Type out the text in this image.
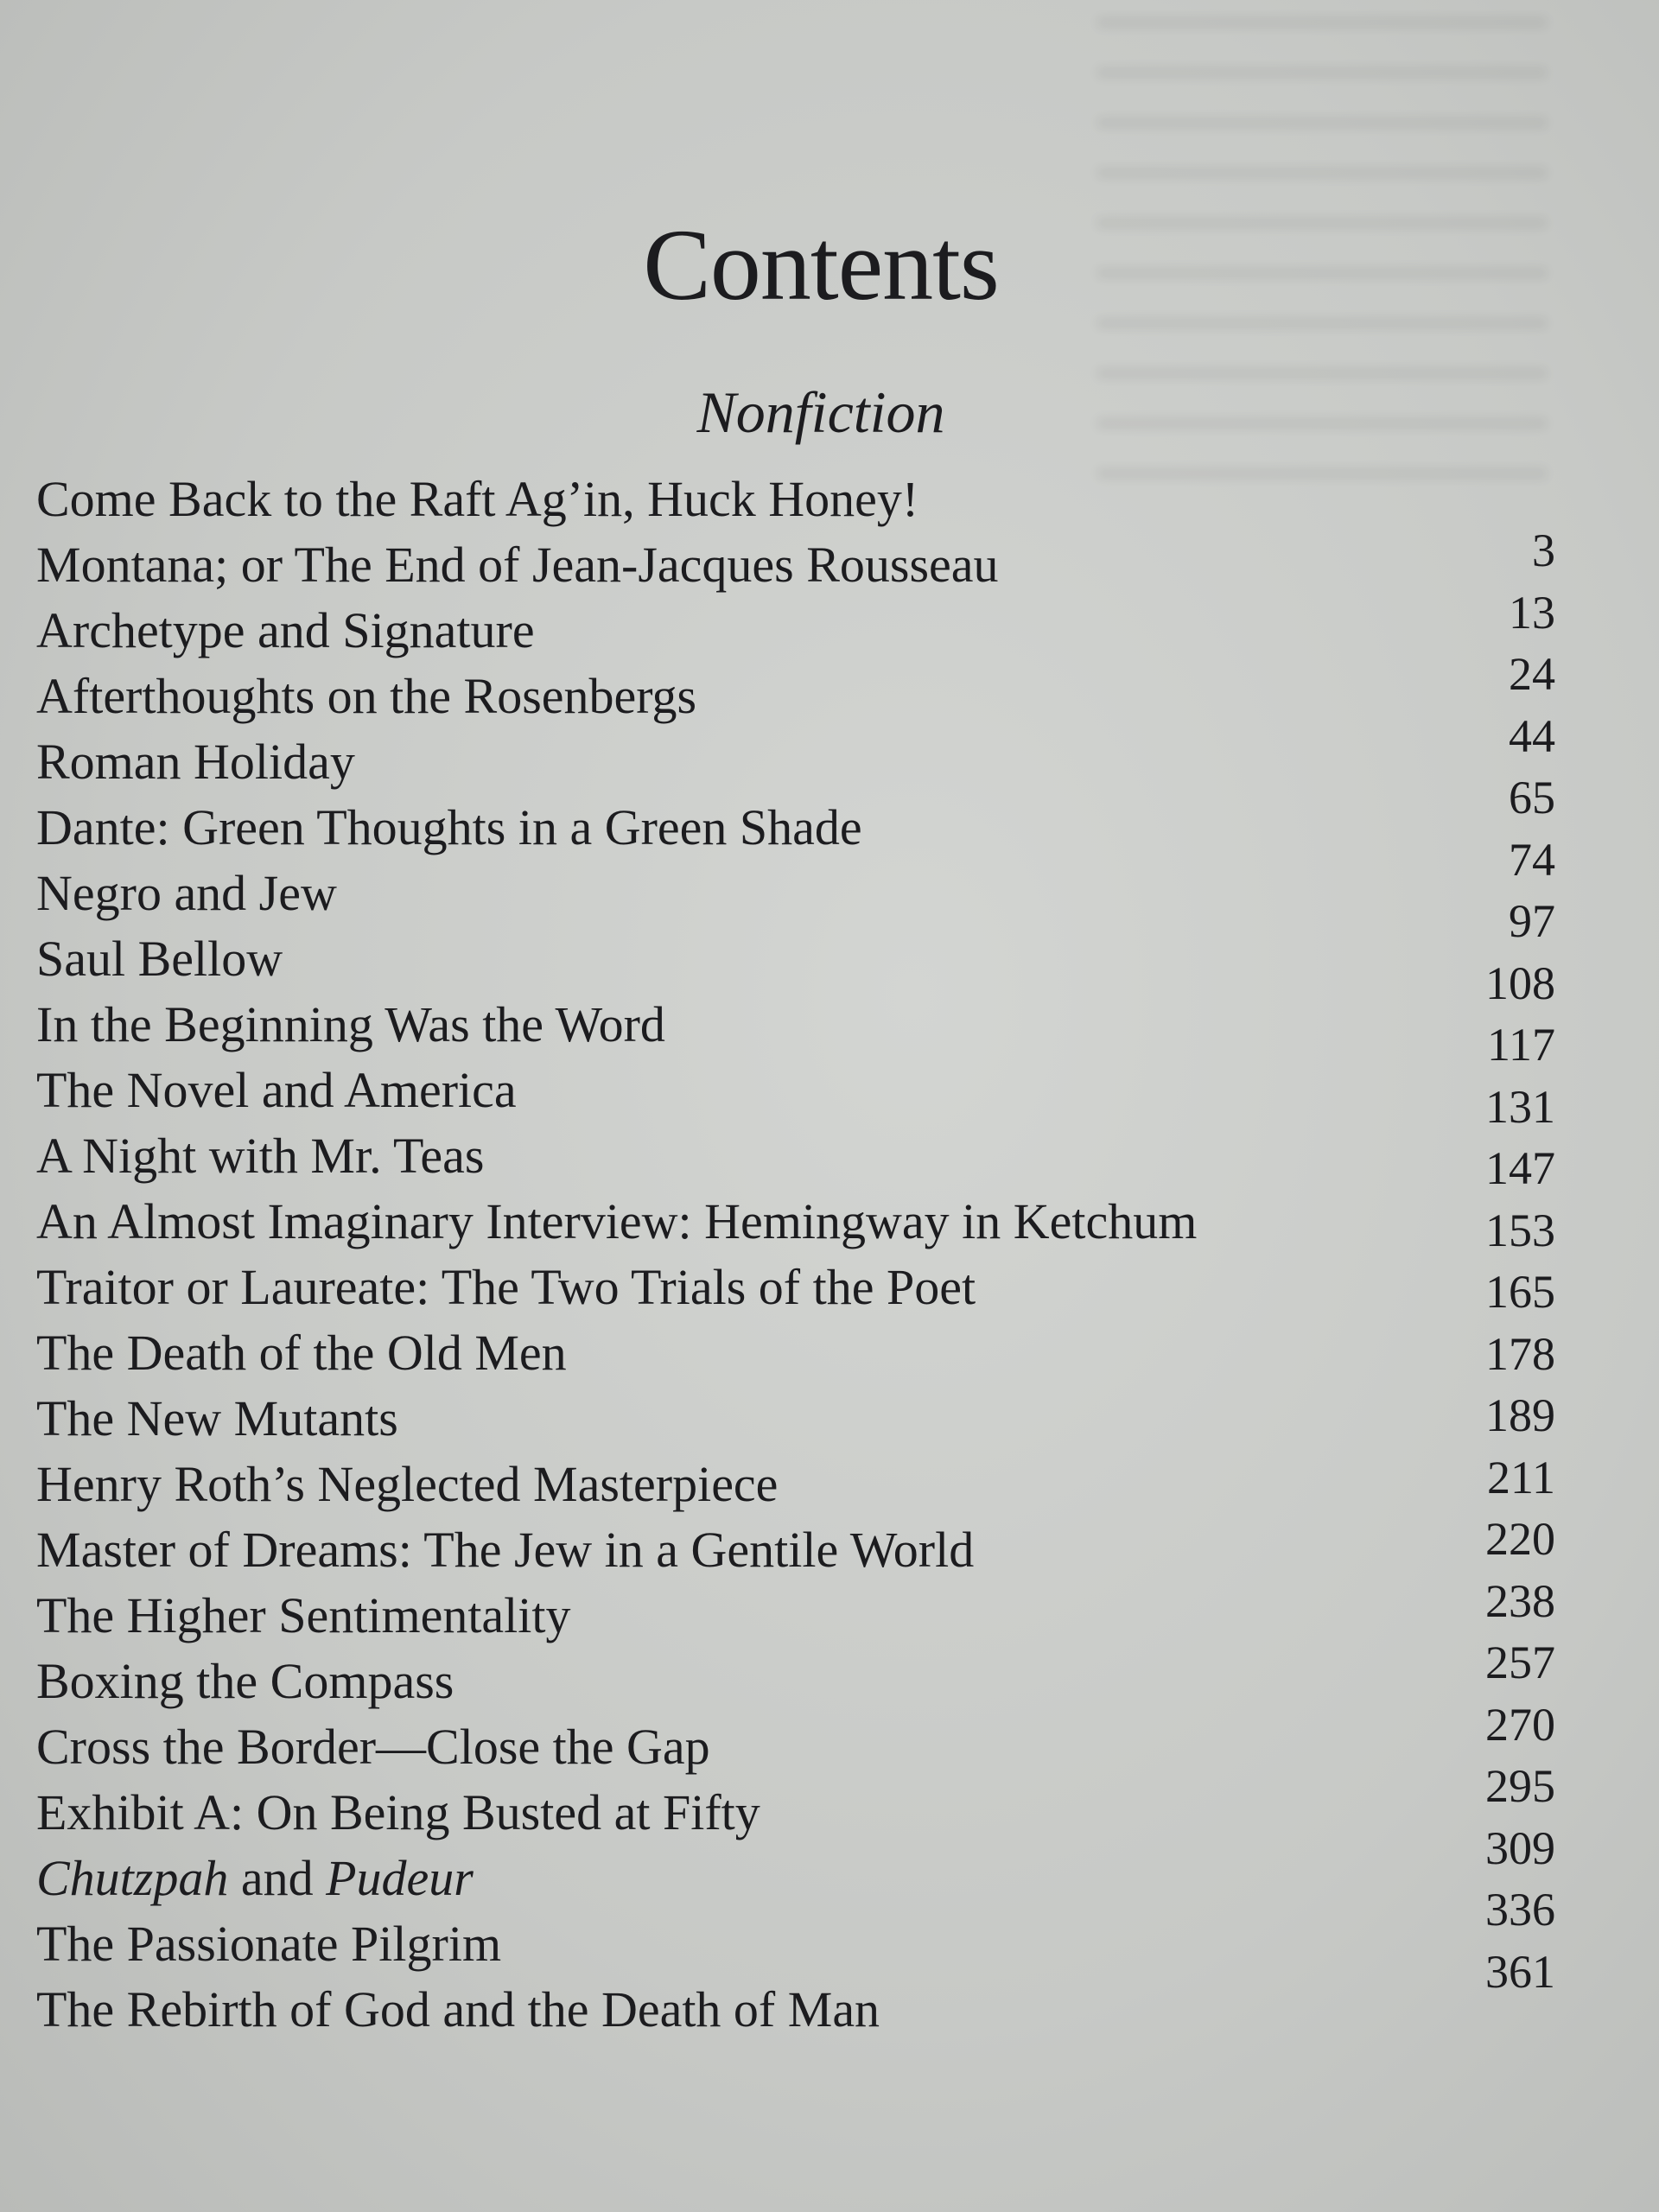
Contents
Nonfiction
Come Back to the Raft Ag’in, Huck Honey!
Montana; or The End of Jean-Jacques Rousseau
Archetype and Signature
Afterthoughts on the Rosenbergs
Roman Holiday
Dante: Green Thoughts in a Green Shade
Negro and Jew
Saul Bellow
In the Beginning Was the Word
The Novel and America
A Night with Mr. Teas
An Almost Imaginary Interview: Hemingway in Ketchum
Traitor or Laureate: The Two Trials of the Poet
The Death of the Old Men
The New Mutants
Henry Roth’s Neglected Masterpiece
Master of Dreams: The Jew in a Gentile World
The Higher Sentimentality
Boxing the Compass
Cross the Border—Close the Gap
Exhibit A: On Being Busted at Fifty
Chutzpah and Pudeur
The Passionate Pilgrim
The Rebirth of God and the Death of Man
3
13
24
44
65
74
97
108
117
131
147
153
165
178
189
211
220
238
257
270
295
309
336
361
